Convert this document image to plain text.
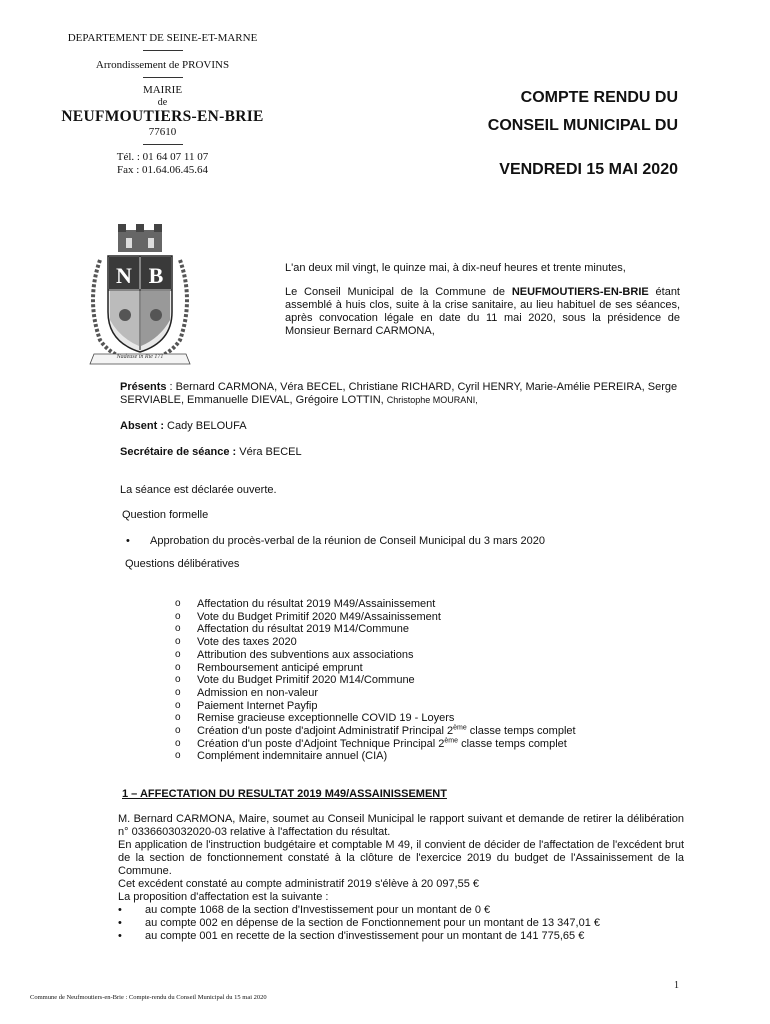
DEPARTEMENT DE SEINE-ET-MARNE
Arrondissement de PROVINS
MAIRIE
de
NEUFMOUTIERS-EN-BRIE
77610
Tél. : 01 64 07 11 07
Fax : 01.64.06.45.64
COMPTE RENDU DU
CONSEIL MUNICIPAL DU
VENDREDI 15 MAI 2020
N B
Nadeuse in Rie 171
L'an deux mil vingt, le quinze mai, à dix-neuf heures et trente minutes,
Le Conseil Municipal de la Commune de NEUFMOUTIERS-EN-BRIE étant assemblé à huis clos, suite à la crise sanitaire, au lieu habituel de ses séances, après convocation légale en date du 11 mai 2020, sous la présidence de Monsieur Bernard CARMONA,
Présents : Bernard CARMONA, Véra BECEL, Christiane RICHARD, Cyril HENRY, Marie-Amélie PEREIRA, Serge SERVIABLE, Emmanuelle DIEVAL, Grégoire LOTTIN, Christophe MOURANI,
Absent : Cady BELOUFA
Secrétaire de séance : Véra BECEL
La séance est déclarée ouverte.
Question formelle
•	Approbation du procès-verbal de la réunion de Conseil Municipal du 3 mars 2020
Questions délibératives
o	Affectation du résultat 2019 M49/Assainissement
o	Vote du Budget Primitif 2020 M49/Assainissement
o	Affectation du résultat 2019 M14/Commune
o	Vote des taxes 2020
o	Attribution des subventions aux associations
o	Remboursement anticipé emprunt
o	Vote du Budget Primitif 2020 M14/Commune
o	Admission en non-valeur
o	Paiement Internet Payfip
o	Remise gracieuse exceptionnelle COVID 19 - Loyers
o	Création d'un poste d'adjoint Administratif Principal 2ème classe temps complet
o	Création d'un poste d'Adjoint Technique Principal 2ème classe temps complet
o	Complément indemnitaire annuel (CIA)
1 – AFFECTATION DU RESULTAT 2019 M49/ASSAINISSEMENT
M. Bernard CARMONA, Maire, soumet au Conseil Municipal le rapport suivant et demande de retirer la délibération n° 0336603032020-03 relative à l'affectation du résultat.
En application de l'instruction budgétaire et comptable M 49, il convient de décider de l'affectation de l'excédent brut de la section de fonctionnement constaté à la clôture de l'exercice 2019 du budget de l'Assainissement de la Commune.
Cet excédent constaté au compte administratif 2019 s'élève à 20 097,55 €
La proposition d'affectation est la suivante :
•	au compte 1068 de la section d'Investissement pour un montant de 0 €
•	au compte 002 en dépense de la section de Fonctionnement pour un montant de 13 347,01 €
•	au compte 001 en recette de la section d'investissement pour un montant de 141 775,65 €
1
Commune de Neufmoutiers-en-Brie : Compte-rendu du Conseil Municipal du 15 mai 2020
